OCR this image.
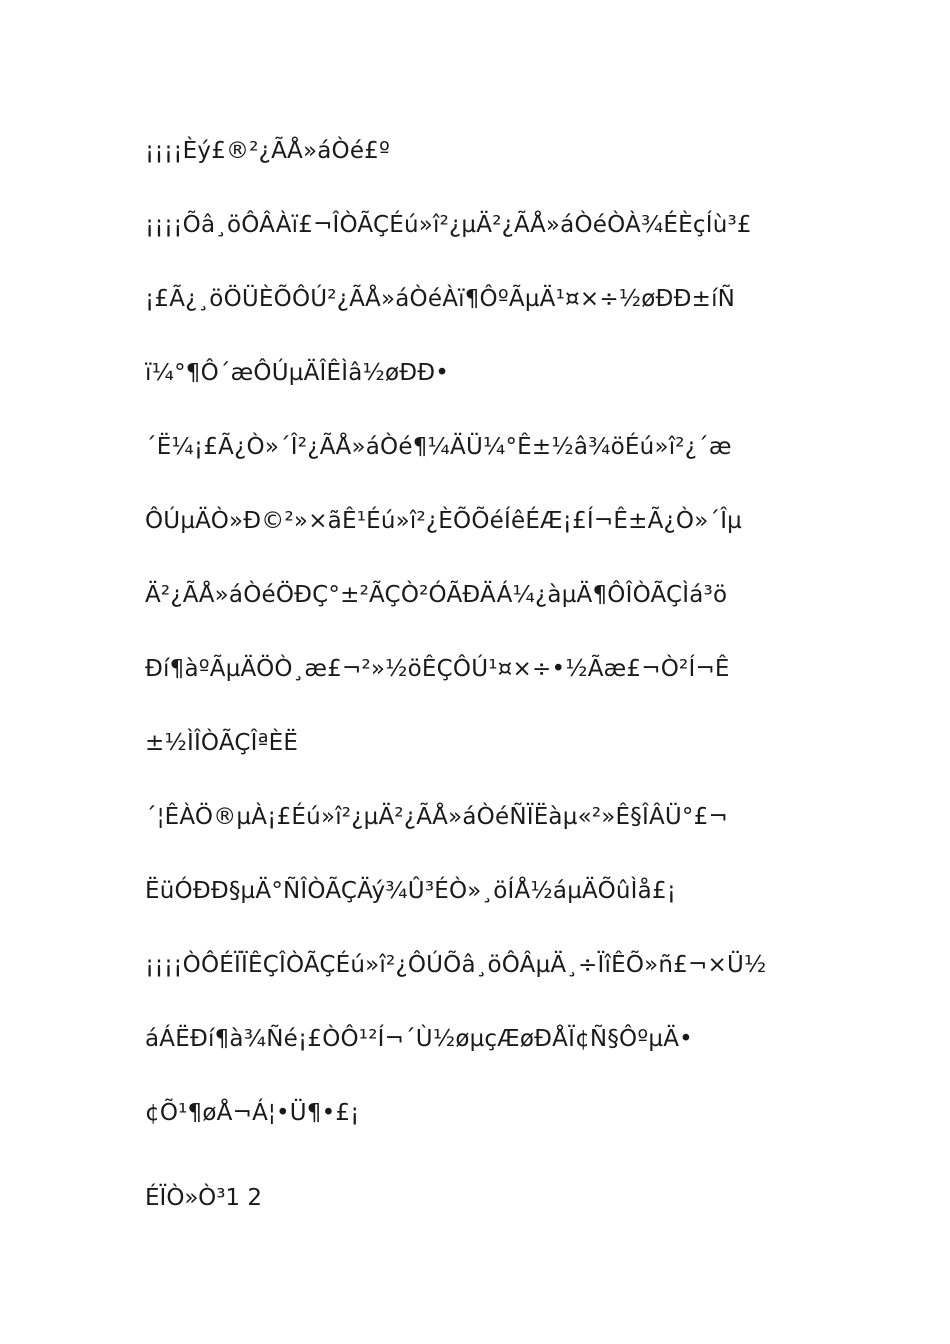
¡¡¡¡Èý£®²¿ÃÅ»áÒé£º
¡¡¡¡Õâ¸öÔÂÀï£¬ÎÒÃÇÉú»î²¿µÄ²¿ÃÅ»áÒéÒÀ¾ÉÈçÍù³£
¡£Ã¿¸öÖÜÈÕÔÚ²¿ÃÅ»áÒéÀï¶ÔºÃµÄ¹¤×÷½øÐÐ±íÑ
ï¼°¶Ô´æÔÚµÄÎÊÌâ½øÐÐ•
´Ë¼¡£Ã¿Ò»´Î²¿ÃÅ»áÒé¶¼ÄÜ¼°Ê±½â¾öÉú»î²¿´æ
ÔÚµÄÒ»Ð©²»×ãÊ¹Éú»î²¿ÈÕÕéÍêÉÆ¡£Í¬Ê±Ã¿Ò»´Îµ
Ä²¿ÃÅ»áÒéÖÐÇ°±²ÃÇÒ²ÓÃÐÄÁ¼¿àµÄ¶ÔÎÒÃÇÌá³ö
Ðí¶àºÃµÄÖÒ¸æ£¬²»½öÊÇÔÚ¹¤×÷•½Ãæ£¬Ò²Í¬Ê
±½ÌÎÒÃÇÎªÈË
´¦ÊÀÖ®µÀ¡£Éú»î²¿µÄ²¿ÃÅ»áÒéÑÏËàµ«²»Ê§ÎÂÜ°£¬
ËüÓÐÐ§µÄ°ÑÎÒÃÇÄý¾Û³ÉÒ»¸öÍÅ½áµÄÕûÌå£¡
¡¡¡¡ÒÔÉÏÏÊÇÎÒÃÇÉú»î²¿ÔÚÕâ¸öÔÂµÄ¸÷ÏîÊÕ»ñ£¬×Ü½
áÁËÐí¶à¾Ñé¡£ÒÔ¹²Í¬´Ù½øµçÆøÐÅÏ¢Ñ§ÔºµÄ•
¢Õ¹¶øÅ¬Á¦•Ü¶•£¡
ÉÏÒ»Ò³1 2
